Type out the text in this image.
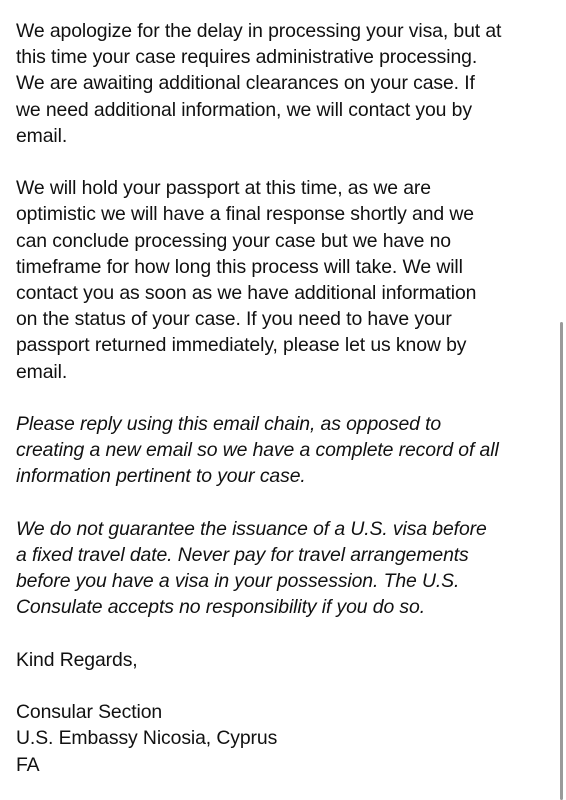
We apologize for the delay in processing your visa, but at
this time your case requires administrative processing.
We are awaiting additional clearances on your case. If
we need additional information, we will contact you by
email.

We will hold your passport at this time, as we are
optimistic we will have a final response shortly and we
can conclude processing your case but we have no
timeframe for how long this process will take. We will
contact you as soon as we have additional information
on the status of your case. If you need to have your
passport returned immediately, please let us know by
email.

Please reply using this email chain, as opposed to
creating a new email so we have a complete record of all
information pertinent to your case.

We do not guarantee the issuance of a U.S. visa before
a fixed travel date. Never pay for travel arrangements
before you have a visa in your possession. The U.S.
Consulate accepts no responsibility if you do so.

Kind Regards,

Consular Section
U.S. Embassy Nicosia, Cyprus
FA
